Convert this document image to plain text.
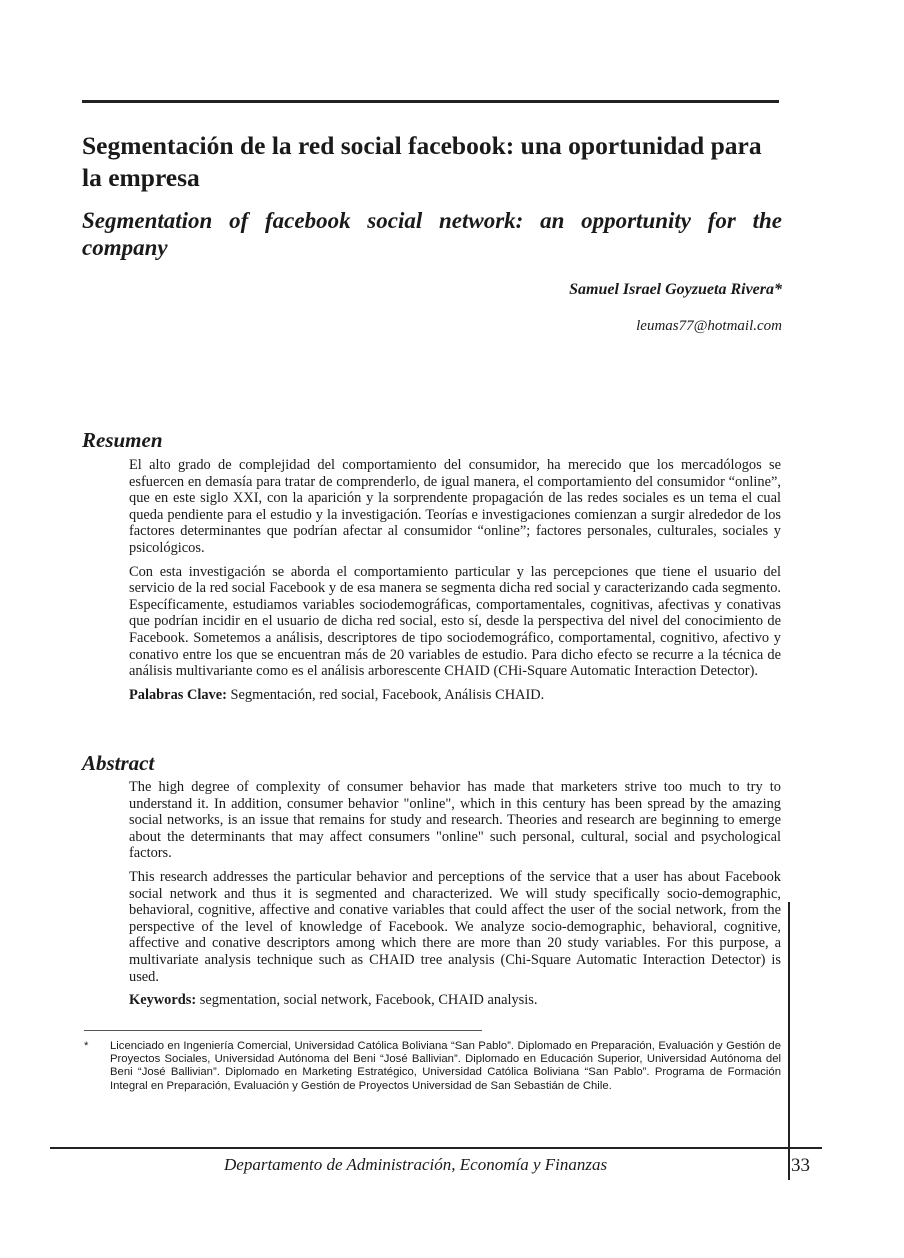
Segmentación de la red social facebook: una oportunidad para la empresa
Segmentation of facebook social network: an opportunity for the company
Samuel Israel Goyzueta Rivera*
leumas77@hotmail.com
Resumen

El alto grado de complejidad del comportamiento del consumidor, ha merecido que los mercadólogos se esfuercen en demasía para tratar de comprenderlo, de igual manera, el comportamiento del consumidor “online”, que en este siglo XXI, con la aparición y la sorprendente propagación de las redes sociales es un tema el cual queda pendiente para el estudio y la investigación. Teorías e investigaciones comienzan a surgir alrededor de los factores determinantes que podrían afectar al consumidor “online”; factores personales, culturales, sociales y psicológicos.

Con esta investigación se aborda el comportamiento particular y las percepciones que tiene el usuario del servicio de la red social Facebook y de esa manera se segmenta dicha red social y caracterizando cada segmento. Específicamente, estudiamos variables sociodemográficas, comportamentales, cognitivas, afectivas y conativas que podrían incidir en el usuario de dicha red social, esto sí, desde la perspectiva del nivel del conocimiento de Facebook. Sometemos a análisis, descriptores de tipo sociodemográfico, comportamental, cognitivo, afectivo y conativo entre los que se encuentran más de 20 variables de estudio. Para dicho efecto se recurre a la técnica de análisis multivariante como es el análisis arborescente CHAID (CHi-Square Automatic Interaction Detector).

Palabras Clave: Segmentación, red social, Facebook, Análisis CHAID.

Abstract

The high degree of complexity of consumer behavior has made that marketers strive too much to try to understand it. In addition, consumer behavior "online", which in this century has been spread by the amazing social networks, is an issue that remains for study and research. Theories and research are beginning to emerge about the determinants that may affect consumers "online" such personal, cultural, social and psychological factors.

This research addresses the particular behavior and perceptions of the service that a user has about Facebook social network and thus it is segmented and characterized. We will study specifically socio-demographic, behavioral, cognitive, affective and conative variables that could affect the user of the social network, from the perspective of the level of knowledge of Facebook. We analyze socio-demographic, behavioral, cognitive, affective and conative descriptors among which there are more than 20 study variables. For this purpose, a multivariate analysis technique such as CHAID tree analysis (Chi-Square Automatic Interaction Detector) is used.

Keywords: segmentation, social network, Facebook, CHAID analysis.

* Licenciado en Ingeniería Comercial, Universidad Católica Boliviana “San Pablo”. Diplomado en Preparación, Evaluación y Gestión de Proyectos Sociales, Universidad Autónoma del Beni “José Ballivian”. Diplomado en Educación Superior, Universidad Autónoma del Beni “José Ballivian”. Diplomado en Marketing Estratégico, Universidad Católica Boliviana “San Pablo”. Programa de Formación Integral en Preparación, Evaluación y Gestión de Proyectos Universidad de San Sebastián de Chile.
Departamento de Administración, Economía y Finanzas	33
